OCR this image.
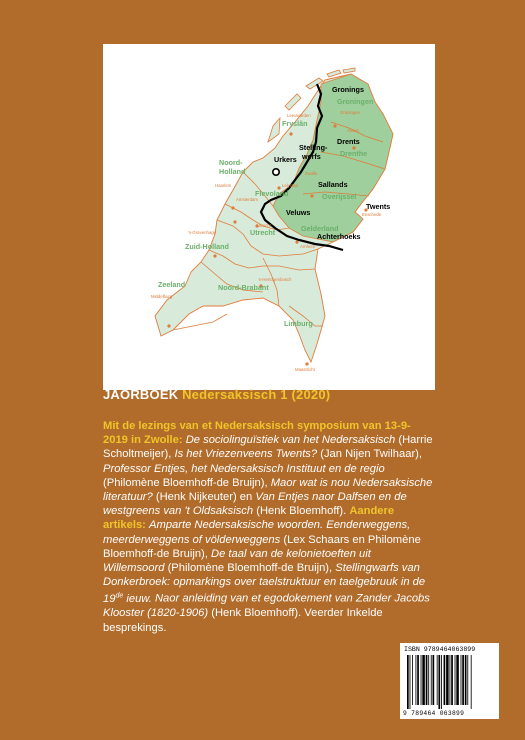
Gronings
Drents
Stelling-
werfs
Urkers
Sallands
Veluws
Twents
Achterhoeks
Groningen
Fryslân
Drenthe
Noord-
Holland
Flevoland	Overijssel
Utrecht	Gelderland
Zuid-Holland
Noord-Brabant
Zeeland
Limburg
Leeuwarden
Groningen
Assen
Zwolle
Lelystad
Haarlem
Amsterdam
Enschede
Arnhem
Utrecht
's-Gravenhage
's-Hertogenbosch
Middelburg
Maastricht
JAORBOEK Nedersaksisch 1 (2020)
Mit de lezings van et Nedersaksisch symposium van 13-9-2019 in Zwolle: De sociolinguïstiek van het Nedersaksisch (Harrie Scholtmeijer), Is het Vriezenveens Twents? (Jan Nijen Twilhaar), Professor Entjes, het Nedersaksisch Instituut en de regio (Philomène Bloemhoff-de Bruijn), Maor wat is nou Nedersaksische literatuur? (Henk Nijkeuter) en Van Entjes naor Dalfsen en de westgreens van 't Oldsaksisch (Henk Bloemhoff). Aandere artikels: Amparte Nedersaksische woorden. Eenderweggens, meerderweggens of völderweggens (Lex Schaars en Philomène Bloemhoff-de Bruijn), De taal van de kelonietoeften uit Willemsoord (Philomène Bloemhoff-de Bruijn), Stellingwarfs van Donkerbroek: opmarkings over taelstruktuur en taelgebruuk in de 19de ieuw. Naor anleiding van et egodokement van Zander Jacobs Klooster (1820-1906) (Henk Bloemhoff). Veerder Inkelde besprekings.
ISBN 9789464063899
9 789464 063899
